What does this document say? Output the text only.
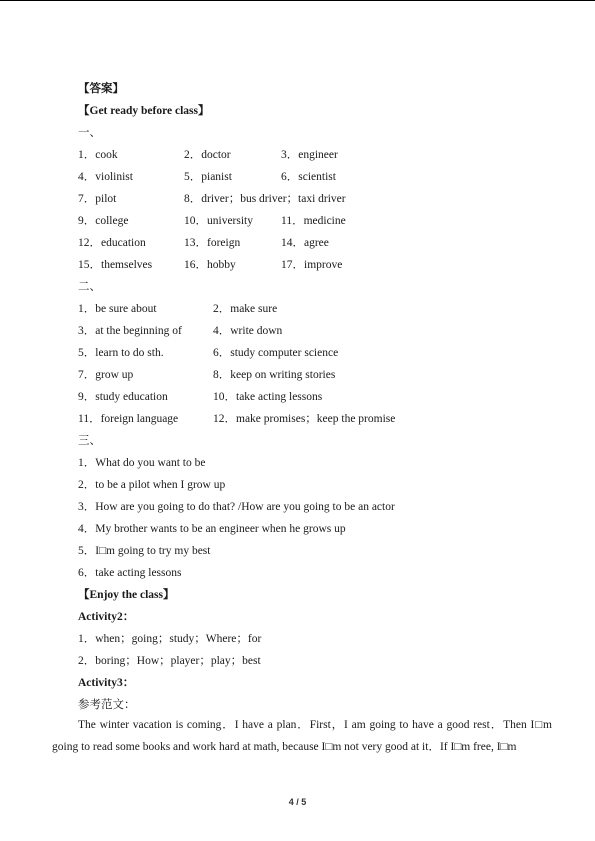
【答案】
【Get ready before class】
一、
1．cook	2．doctor	3．engineer
4．violinist	5．pianist	6．scientist
7．pilot	8．driver；bus driver；taxi driver
9．college	10．university 11．medicine
12．education	13．foreign	14．agree
15．themselves	16．hobby	17．improve
二、
1．be sure about	2．make sure
3．at the beginning of	4．write down
5．learn to do sth.	6．study computer science
7．grow up	8．keep on writing stories
9．study education	10．take acting lessons
11．foreign language	12．make promises；keep the promise
三、
1．What do you want to be
2．to be a pilot when I grow up
3．How are you going to do that? /How are you going to be an actor
4．My brother wants to be an engineer when he grows up
5．I□m going to try my best
6．take acting lessons
【Enjoy the class】
Activity2：
1．when；going；study；Where；for
2．boring；How；player；play；best
Activity3：
参考范文：
The winter vacation is coming．I have a plan．First，I am going to have a good rest．Then I□m going to read some books and work hard at math, because I□m not very good at it．If I□m free, I□m
4 / 5
